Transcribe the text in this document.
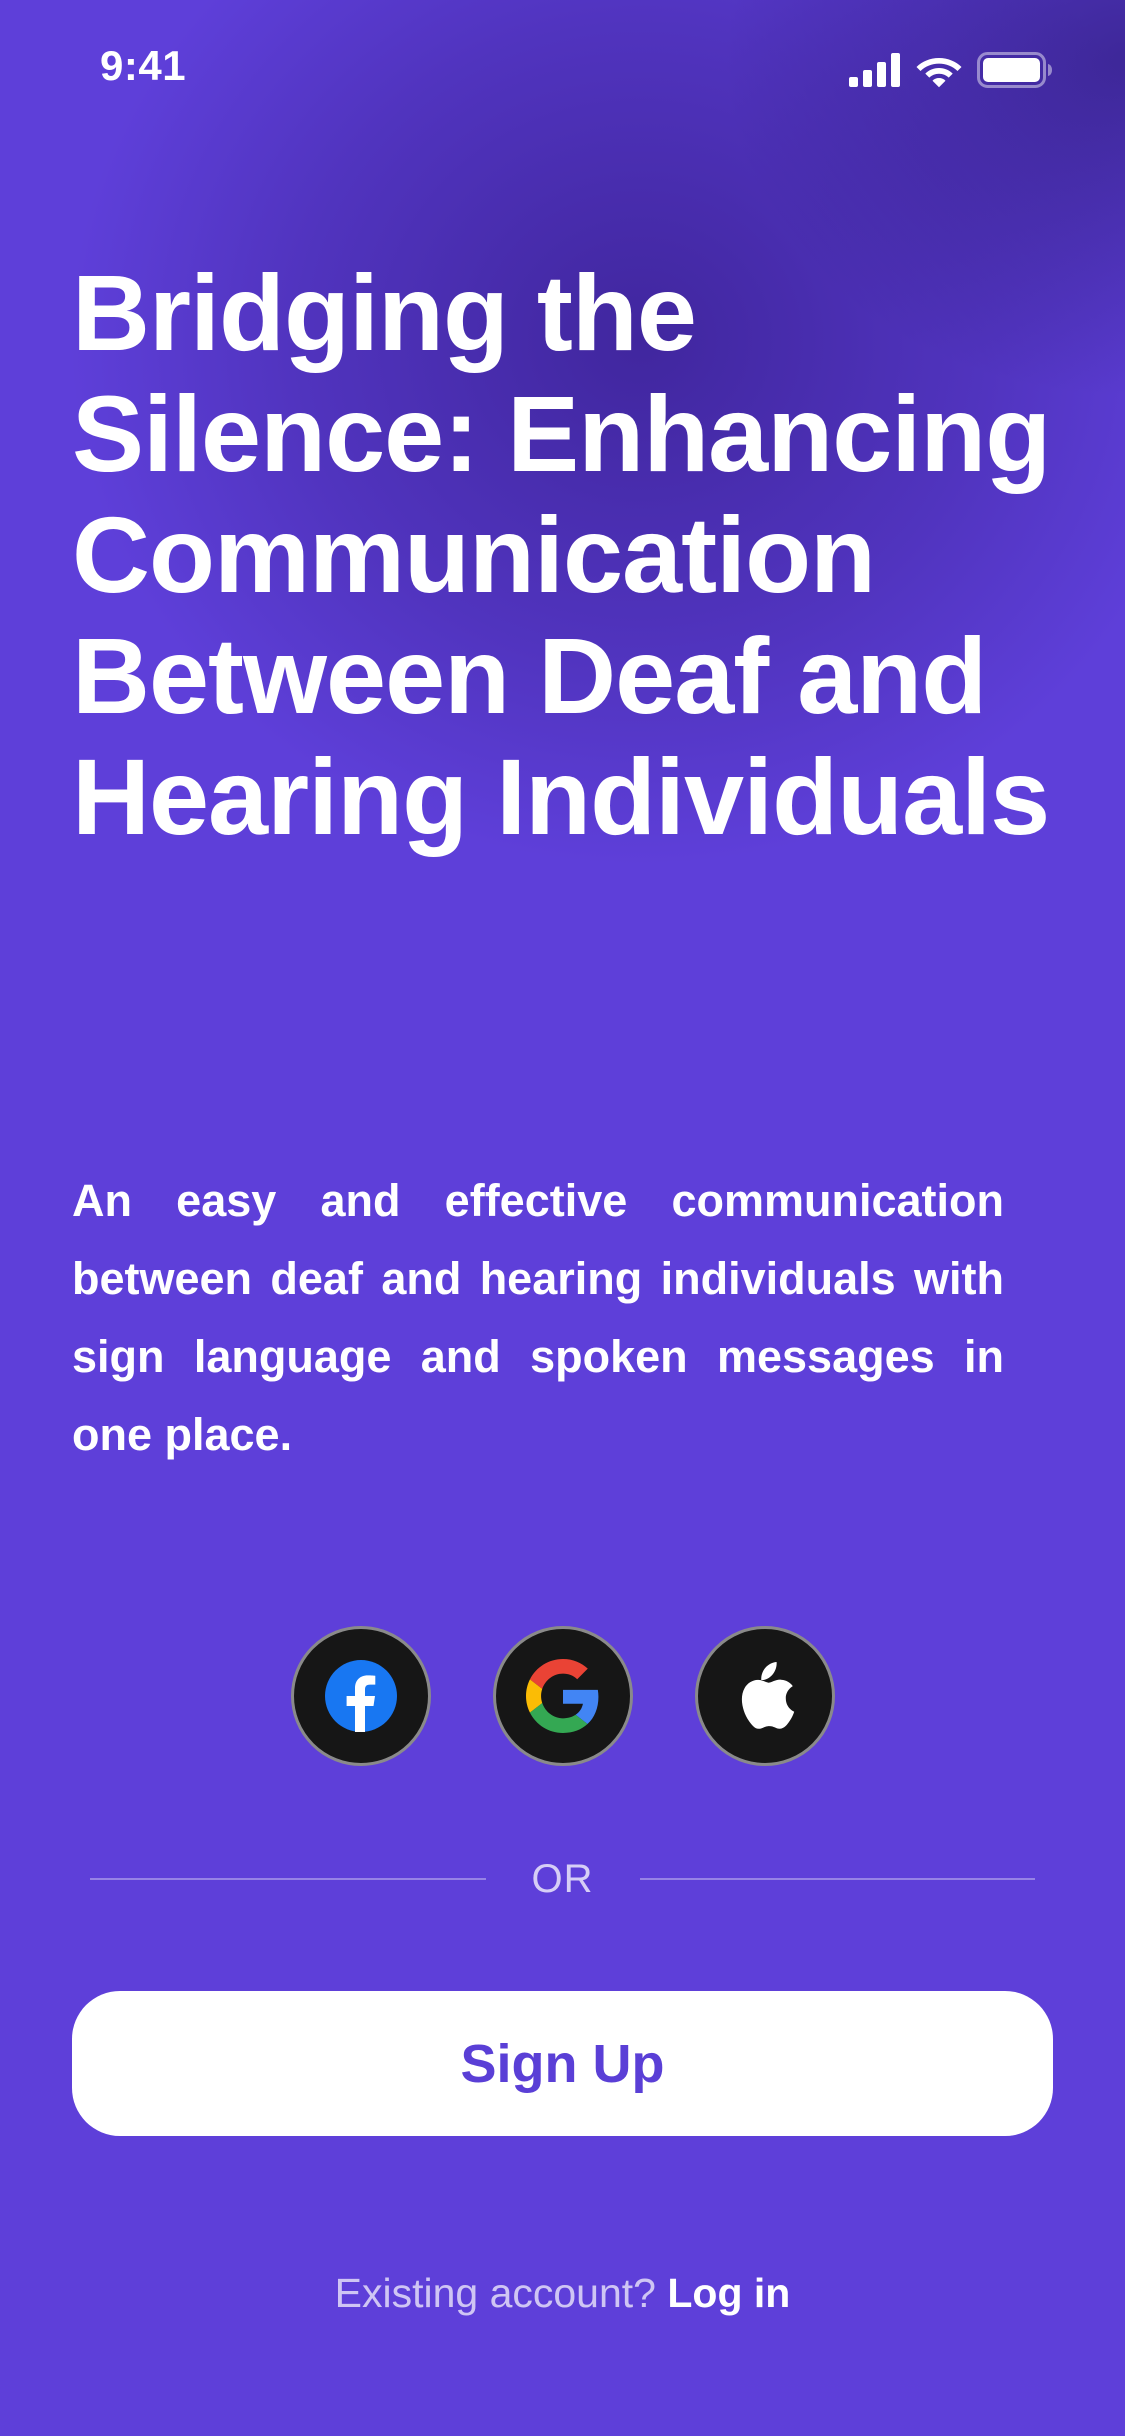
9:41
Bridging the Silence: Enhancing Communication Between Deaf and Hearing Individuals

An easy and effective communication between deaf and hearing individuals with sign language and spoken messages in one place.

OR
Sign Up
Existing account? Log in
